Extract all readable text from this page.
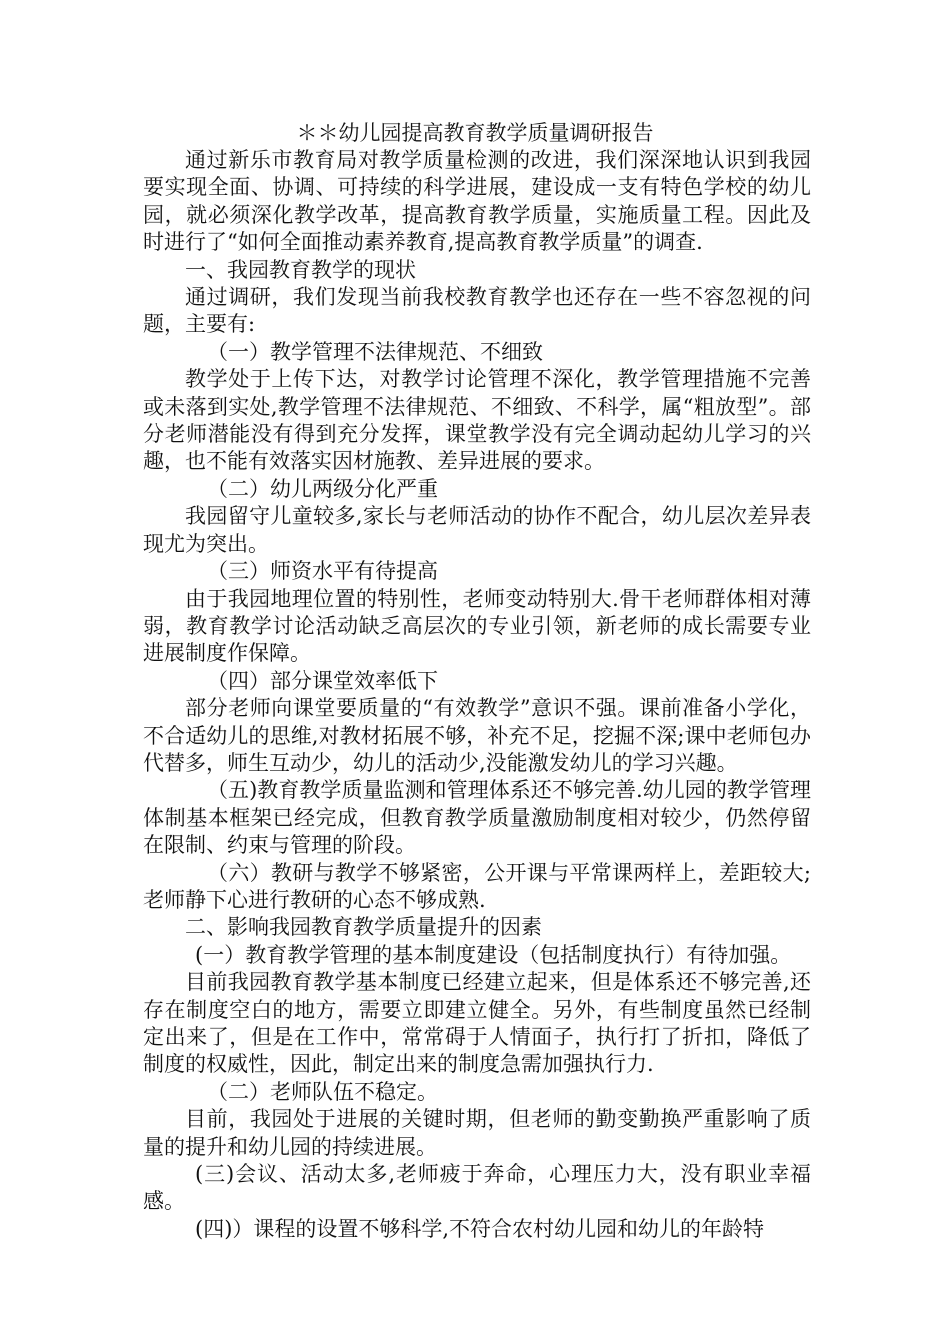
＊＊幼儿园提高教育教学质量调研报告

通过新乐市教育局对教学质量检测的改进，我们深深地认识到我园要实现全面、协调、可持续的科学进展，建设成一支有特色学校的幼儿园，就必须深化教学改革，提高教育教学质量，实施质量工程。因此及时进行了“如何全面推动素养教育,提高教育教学质量”的调查.

一、我园教育教学的现状

通过调研，我们发现当前我校教育教学也还存在一些不容忽视的问题，主要有:

（一）教学管理不法律规范、不细致

教学处于上传下达，对教学讨论管理不深化，教学管理措施不完善或未落到实处,教学管理不法律规范、不细致、不科学，属“粗放型”。部分老师潜能没有得到充分发挥，课堂教学没有完全调动起幼儿学习的兴趣，也不能有效落实因材施教、差异进展的要求。

（二）幼儿两级分化严重

我园留守儿童较多,家长与老师活动的协作不配合，幼儿层次差异表现尤为突出。

（三）师资水平有待提高

由于我园地理位置的特别性，老师变动特别大.骨干老师群体相对薄弱，教育教学讨论活动缺乏高层次的专业引领，新老师的成长需要专业进展制度作保障。

（四）部分课堂效率低下

部分老师向课堂要质量的“有效教学”意识不强。课前准备小学化，不合适幼儿的思维,对教材拓展不够，补充不足，挖掘不深;课中老师包办代替多，师生互动少，幼儿的活动少,没能激发幼儿的学习兴趣。

（五)教育教学质量监测和管理体系还不够完善.幼儿园的教学管理体制基本框架已经完成，但教育教学质量激励制度相对较少，仍然停留在限制、约束与管理的阶段。

（六）教研与教学不够紧密，公开课与平常课两样上，差距较大;老师静下心进行教研的心态不够成熟.

二、影响我园教育教学质量提升的因素

(一）教育教学管理的基本制度建设（包括制度执行）有待加强。

目前我园教育教学基本制度已经建立起来，但是体系还不够完善,还存在制度空白的地方，需要立即建立健全。另外，有些制度虽然已经制定出来了，但是在工作中，常常碍于人情面子，执行打了折扣，降低了制度的权威性，因此，制定出来的制度急需加强执行力.

（二）老师队伍不稳定。

目前，我园处于进展的关键时期，但老师的勤变勤换严重影响了质量的提升和幼儿园的持续进展。

(三)会议、活动太多,老师疲于奔命，心理压力大，没有职业幸福感。

(四)）课程的设置不够科学,不符合农村幼儿园和幼儿的年龄特
